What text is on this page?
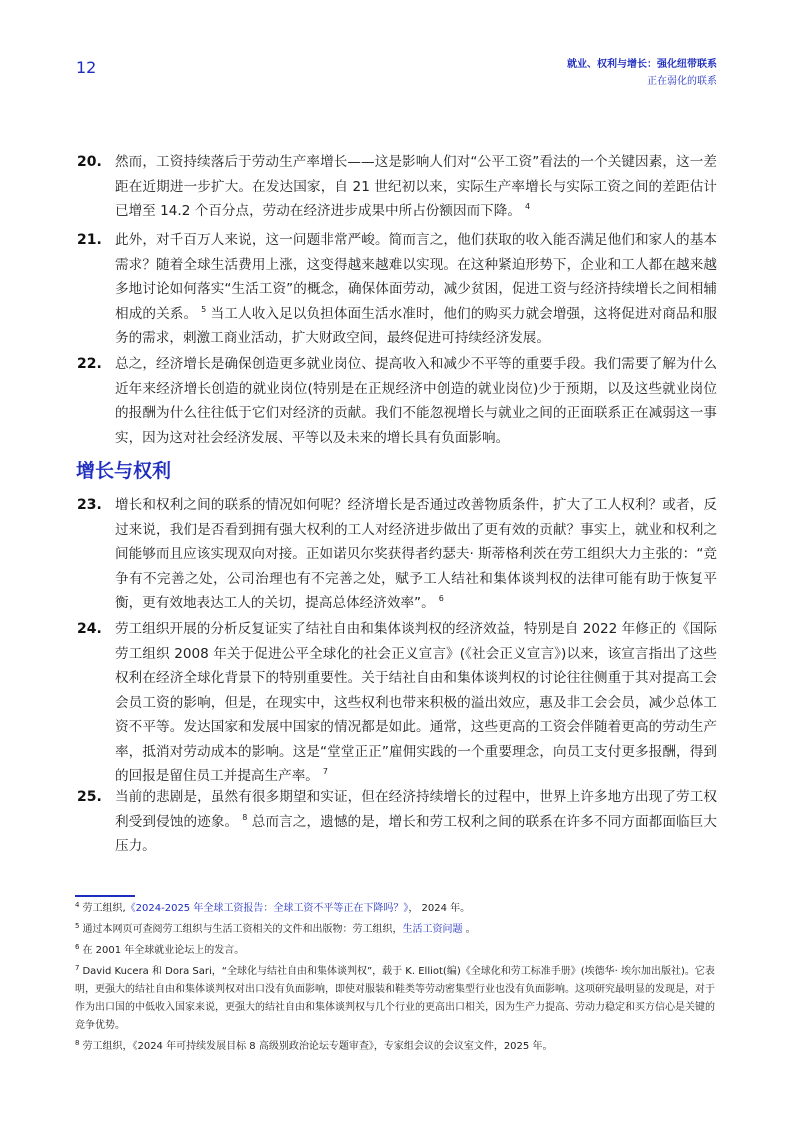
12	就业、权利与增长：强化纽带联系
正在弱化的联系
20. 然而，工资持续落后于劳动生产率增长——这是影响人们对“公平工资”看法的一个关键因素，这一差距在近期进一步扩大。在发达国家，自 21 世纪初以来，实际生产率增长与实际工资之间的差距估计已增至 14.2 个百分点，劳动在经济进步成果中所占份额因而下降。 $^4$
21. 此外，对千百万人来说，这一问题非常严峻。简而言之，他们获取的收入能否满足他们和家人的基本需求？随着全球生活费用上涨，这变得越来越难以实现。在这种紧迫形势下，企业和工人都在越来越多地讨论如何落实“生活工资”的概念，确保体面劳动，减少贫困，促进工资与经济持续增长之间相辅相成的关系。 $^5$ 当工人收入足以负担体面生活水准时，他们的购买力就会增强，这将促进对商品和服务的需求，刺激工商业活动，扩大财政空间，最终促进可持续经济发展。
22. 总之，经济增长是确保创造更多就业岗位、提高收入和减少不平等的重要手段。我们需要了解为什么近年来经济增长创造的就业岗位(特别是在正规经济中创造的就业岗位)少于预期，以及这些就业岗位的报酬为什么往往低于它们对经济的贡献。我们不能忽视增长与就业之间的正面联系正在减弱这一事实，因为这对社会经济发展、平等以及未来的增长具有负面影响。
增长与权利
23. 增长和权利之间的联系的情况如何呢？经济增长是否通过改善物质条件，扩大了工人权利？或者，反过来说，我们是否看到拥有强大权利的工人对经济进步做出了更有效的贡献？事实上，就业和权利之间能够而且应该实现双向对接。正如诺贝尔奖获得者约瑟夫· 斯蒂格利茨在劳工组织大力主张的：“竞争有不完善之处，公司治理也有不完善之处，赋予工人结社和集体谈判权的法律可能有助于恢复平衡，更有效地表达工人的关切，提高总体经济效率”。 $^6$
24. 劳工组织开展的分析反复证实了结社自由和集体谈判权的经济效益，特别是自 2022 年修正的《国际劳工组织 2008 年关于促进公平全球化的社会正义宣言》(《社会正义宣言》)以来，该宣言指出了这些权利在经济全球化背景下的特别重要性。关于结社自由和集体谈判权的讨论往往侧重于其对提高工会会员工资的影响，但是，在现实中，这些权利也带来积极的溢出效应，惠及非工会会员，减少总体工资不平等。发达国家和发展中国家的情况都是如此。通常，这些更高的工资会伴随着更高的劳动生产率，抵消对劳动成本的影响。这是“堂堂正正”雇佣实践的一个重要理念，向员工支付更多报酬，得到的回报是留住员工并提高生产率。 $^7$
25. 当前的悲剧是，虽然有很多期望和实证，但在经济持续增长的过程中，世界上许多地方出现了劳工权利受到侵蚀的迹象。 $^8$ 总而言之，遗憾的是，增长和劳工权利之间的联系在许多不同方面都面临巨大压力。
$^4$ 劳工组织,《2024-2025 年全球工资报告：全球工资不平等正在下降吗？》， 2024 年。
$^5$ 通过本网页可查阅劳工组织与生活工资相关的文件和出版物：劳工组织，生活工资问题 。
$^6$ 在 2001 年全球就业论坛上的发言。
$^7$ David Kucera 和 Dora Sari，“全球化与结社自由和集体谈判权”，载于 K. Elliot(编)《全球化和劳工标准手册》(埃德华· 埃尔加出版社)。它表明，更强大的结社自由和集体谈判权对出口没有负面影响，即使对服装和鞋类等劳动密集型行业也没有负面影响。这项研究最明显的发现是，对于作为出口国的中低收入国家来说，更强大的结社自由和集体谈判权与几个行业的更高出口相关，因为生产力提高、劳动力稳定和买方信心是关键的竞争优势。
$^8$ 劳工组织，《2024 年可持续发展目标 8 高级别政治论坛专题审查》，专家组会议的会议室文件，2025 年。
